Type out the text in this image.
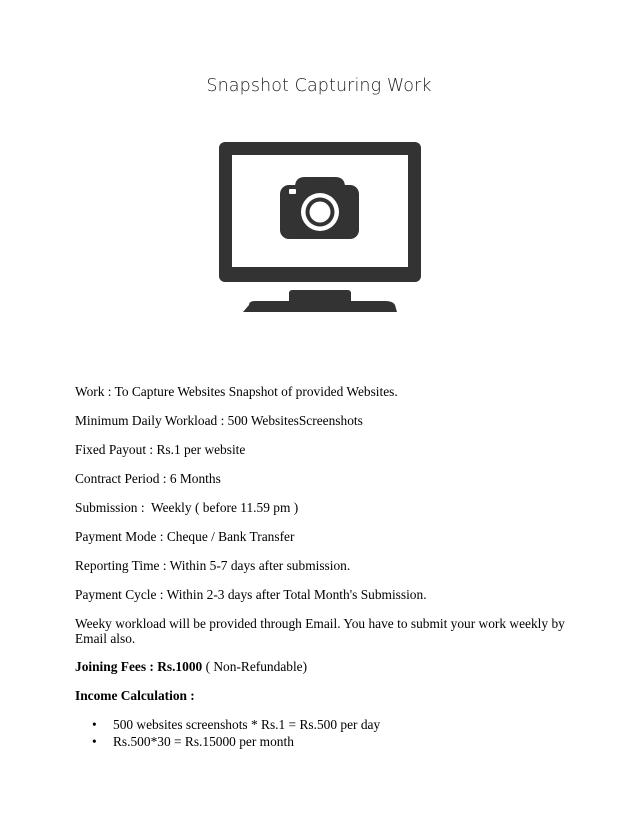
Snapshot Capturing Work

Work : To Capture Websites Snapshot of provided Websites.

Minimum Daily Workload : 500 WebsitesScreenshots

Fixed Payout : Rs.1 per website

Contract Period : 6 Months

Submission :  Weekly ( before 11.59 pm )

Payment Mode : Cheque / Bank Transfer

Reporting Time : Within 5-7 days after submission.

Payment Cycle : Within 2-3 days after Total Month's Submission.

Weeky workload will be provided through Email. You have to submit your work weekly by Email also.

Joining Fees : Rs.1000 ( Non-Refundable)

Income Calculation :

• 500 websites screenshots * Rs.1 = Rs.500 per day
• Rs.500*30 = Rs.15000 per month
